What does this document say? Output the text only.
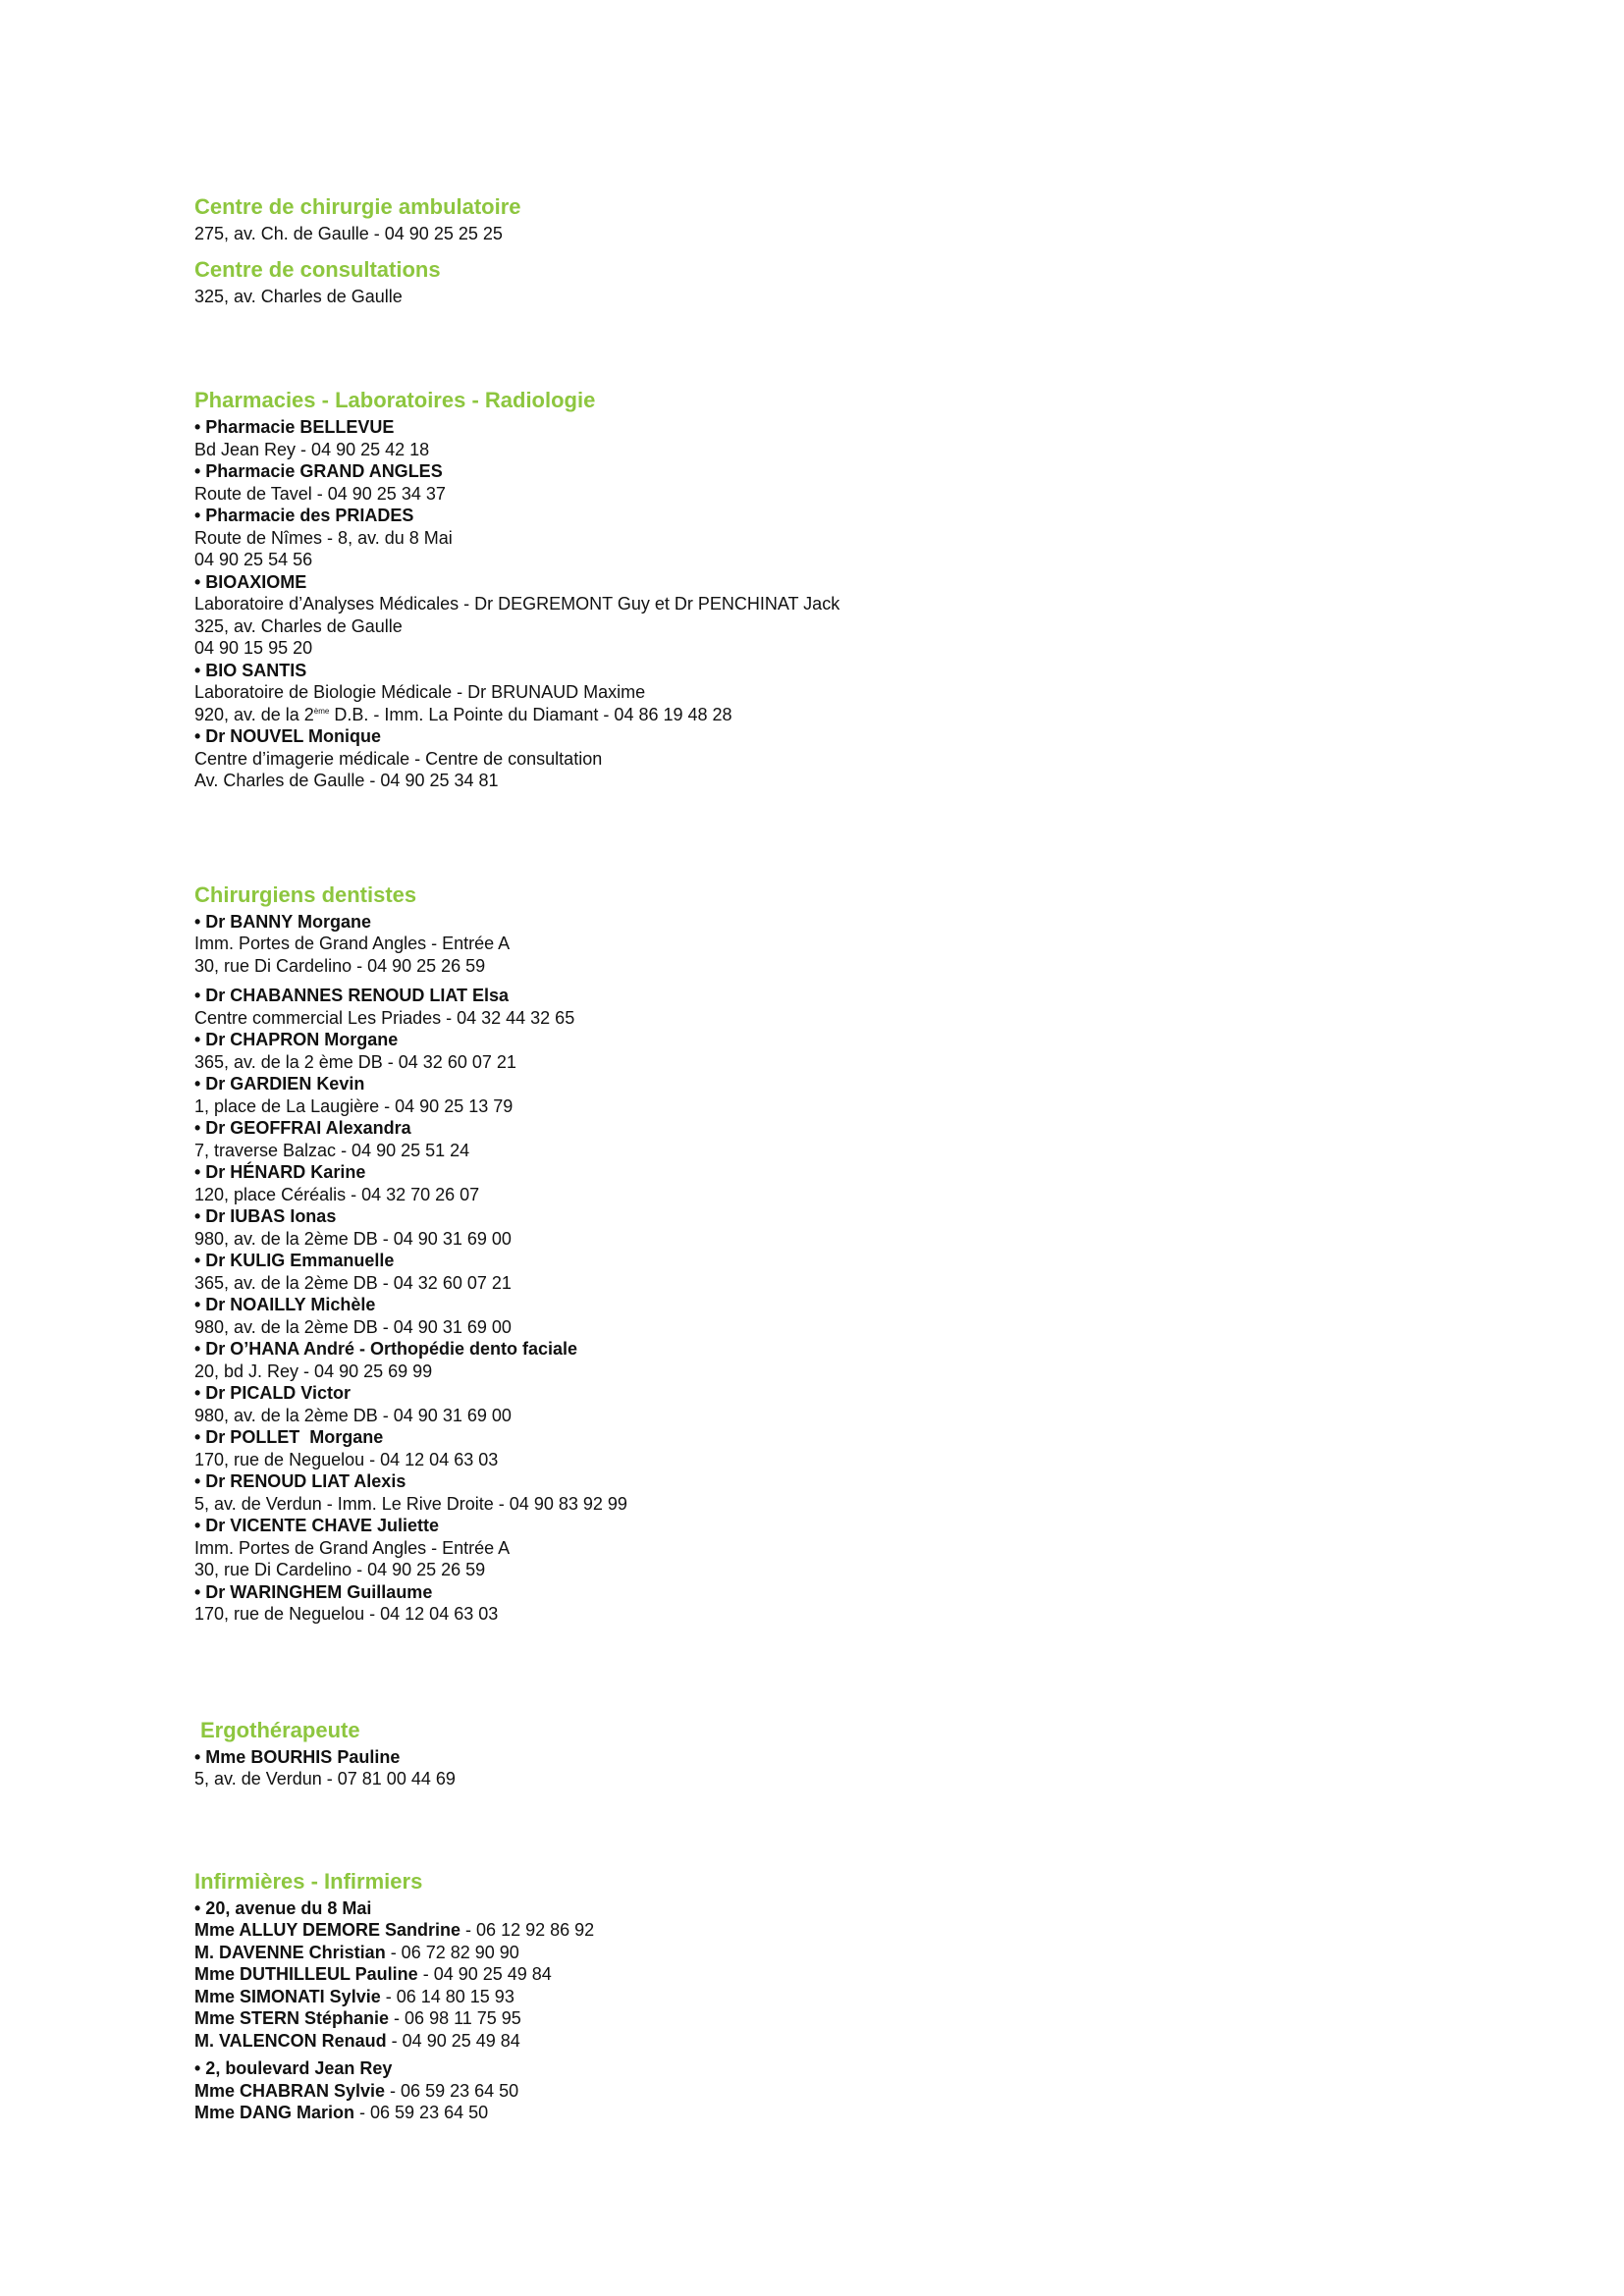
Centre de chirurgie ambulatoire
275, av. Ch. de Gaulle - 04 90 25 25 25
Centre de consultations
325, av. Charles de Gaulle
Pharmacies - Laboratoires - Radiologie
• Pharmacie BELLEVUE
Bd Jean Rey - 04 90 25 42 18
• Pharmacie GRAND ANGLES
Route de Tavel - 04 90 25 34 37
• Pharmacie des PRIADES
Route de Nîmes - 8, av. du 8 Mai
04 90 25 54 56
• BIOAXIOME
Laboratoire d’Analyses Médicales - Dr DEGREMONT Guy et Dr PENCHINAT Jack
325, av. Charles de Gaulle
04 90 15 95 20
• BIO SANTIS
Laboratoire de Biologie Médicale - Dr BRUNAUD Maxime
920, av. de la 2ème D.B. - Imm. La Pointe du Diamant - 04 86 19 48 28
• Dr NOUVEL Monique
Centre d’imagerie médicale - Centre de consultation
Av. Charles de Gaulle - 04 90 25 34 81
Chirurgiens dentistes
• Dr BANNY Morgane
Imm. Portes de Grand Angles - Entrée A
30, rue Di Cardelino - 04 90 25 26 59
• Dr CHABANNES RENOUD LIAT Elsa
Centre commercial Les Priades - 04 32 44 32 65
• Dr CHAPRON Morgane
365, av. de la 2 ème DB - 04 32 60 07 21
• Dr GARDIEN Kevin
1, place de La Laugière - 04 90 25 13 79
• Dr GEOFFRAI Alexandra
7, traverse Balzac - 04 90 25 51 24
• Dr HÉNARD Karine
120, place Céréalis - 04 32 70 26 07
• Dr IUBAS Ionas
980, av. de la 2ème DB - 04 90 31 69 00
• Dr KULIG Emmanuelle
365, av. de la 2ème DB - 04 32 60 07 21
• Dr NOAILLY Michèle
980, av. de la 2ème DB - 04 90 31 69 00
• Dr O’HANA André - Orthopédie dento faciale
20, bd J. Rey - 04 90 25 69 99
• Dr PICALD Victor
980, av. de la 2ème DB - 04 90 31 69 00
• Dr POLLET  Morgane
170, rue de Neguelou - 04 12 04 63 03
• Dr RENOUD LIAT Alexis
5, av. de Verdun - Imm. Le Rive Droite - 04 90 83 92 99
• Dr VICENTE CHAVE Juliette
Imm. Portes de Grand Angles - Entrée A
30, rue Di Cardelino - 04 90 25 26 59
• Dr WARINGHEM Guillaume
170, rue de Neguelou - 04 12 04 63 03
Ergothérapeute
• Mme BOURHIS Pauline
5, av. de Verdun - 07 81 00 44 69
Infirmières - Infirmiers
• 20, avenue du 8 Mai
Mme ALLUY DEMORE Sandrine - 06 12 92 86 92
M. DAVENNE Christian - 06 72 82 90 90
Mme DUTHILLEUL Pauline - 04 90 25 49 84
Mme SIMONATI Sylvie - 06 14 80 15 93
Mme STERN Stéphanie - 06 98 11 75 95
M. VALENCON Renaud - 04 90 25 49 84
• 2, boulevard Jean Rey
Mme CHABRAN Sylvie - 06 59 23 64 50
Mme DANG Marion - 06 59 23 64 50
